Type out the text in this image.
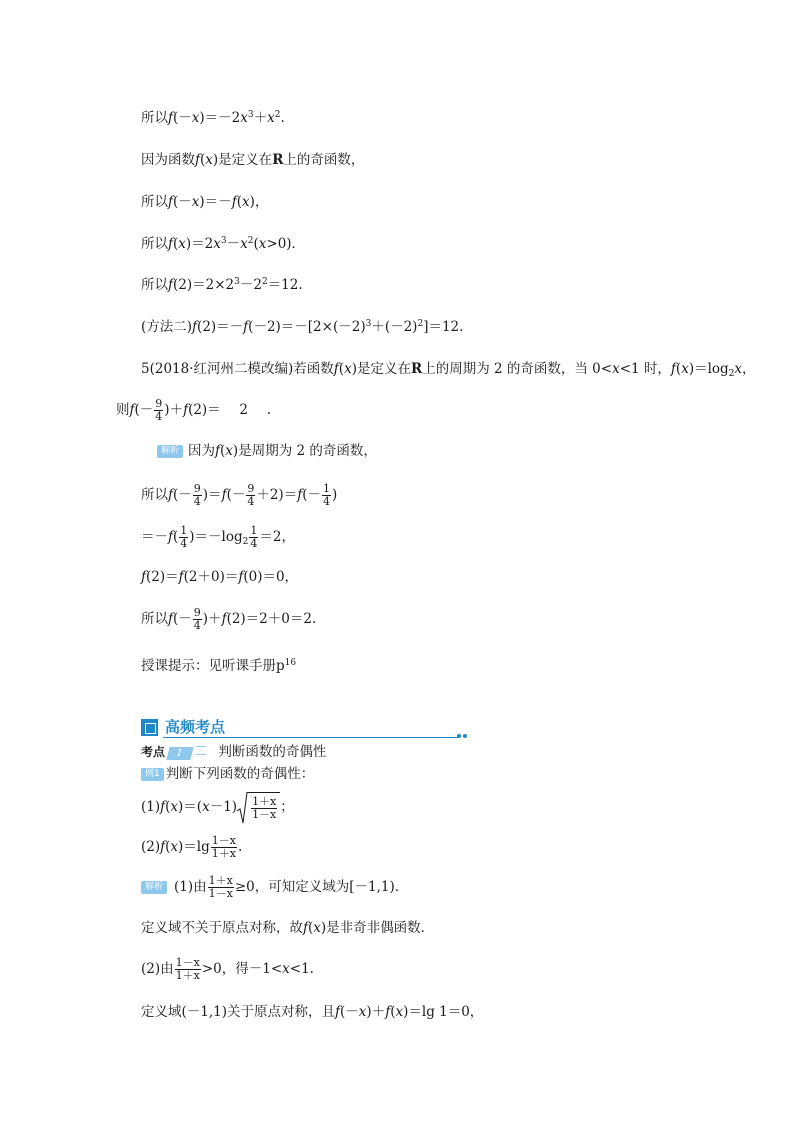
所以$f(-x)=-2x^3+x^2$.
因为函数f(x)是定义在R上的奇函数，
所以f(－x)＝－f(x)，
所以$f(x)=2x^3-x^2(x>0)$．
所以$f(2)=2\times 2^3-2^2=12$.
(方法二)$f(2)=-f(-2)=-[2\times(-2)^3+(-2)^2]=12$.
5(2018·红河州二模改编)若函数f(x)是定义在R上的周期为 2 的奇函数，当 0<x<1 时，$f(x)=\log_2x$，
则$f(- \frac{9}{4} )+f(2)= 2$ .
解析 因为f(x)是周期为 2 的奇函数，
所以$f(- \frac{9}{4} )=f(- \frac{9}{4} +2)=f(- \frac{1}{4}$ )
$=-f( \frac{1}{4} )=-\log_2 \frac{1}{4} =2$，
f(2)＝f(2＋0)＝f(0)＝0，
所以$f(- \frac{9}{4} )+f(2)=2+0=2$.
授课提示：见听课手册$p^{16}$
高频考点
考点 1	判断函数的奇偶性
例1 判断下列函数的奇偶性：
$(1)f(x)=(x-1) \frac{1+x}{1-x}$ ；
$(2)f(x)=\lg \frac{1-x}{1+x}$ .
解析 (1)由 $\frac{1+x}{1-x} \ge 0$，可知定义域为[－1,1)．
定义域不关于原点对称，故f(x)是非奇非偶函数．
(2)由 $\frac{1-x}{1+x} >0$，得－1<x<1.
定义域(－1,1)关于原点对称，且f(－x)＋f(x)＝lg 1＝0，
